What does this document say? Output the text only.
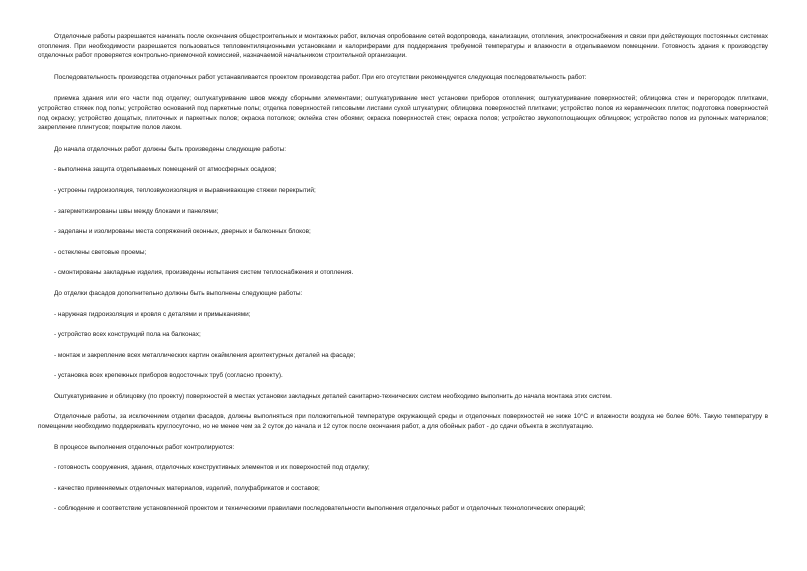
Отделочные работы разрешается начинать после окончания общестроительных и монтажных работ, включая опробование сетей водопровода, канализации, отопления, электроснабжения и связи при действующих постоянных системах отопления. При необходимости разрешается пользоваться тепловентиляционными установками и калориферами для поддержания требуемой температуры и влажности в отделываемом помещении. Готовность здания к производству отделочных работ проверяется контрольно-приемочной комиссией, назначаемой начальником строительной организации.

Последовательность производства отделочных работ устанавливается проектом производства работ. При его отсутствии рекомендуется следующая последовательность работ:

приемка здания или его части под отделку; оштукатуривание швов между сборными элементами; оштукатуривание мест установки приборов отопления; оштукатуривание поверхностей; облицовка стен и перегородок плитками, устройство стяжек под полы; устройство оснований под паркетные полы; отделка поверхностей гипсовыми листами сухой штукатурки; облицовка поверхностей плитками; устройство полов из керамических плиток; подготовка поверхностей под окраску; устройство дощатых, плиточных и паркетных полов; окраска потолков; оклейка стен обоями; окраска поверхностей стен; окраска полов; устройство звукопоглощающих облицовок; устройство полов из рулонных материалов; закрепление плинтусов; покрытие полов лаком.

До начала отделочных работ должны быть произведены следующие работы:

- выполнена защита отделываемых помещений от атмосферных осадков;

- устроены гидроизоляция, теплозвукоизоляция и выравнивающие стяжки перекрытий;

- загерметизированы швы между блоками и панелями;

- заделаны и изолированы места сопряжений оконных, дверных и балконных блоков;

- остеклены световые проемы;

- смонтированы закладные изделия, произведены испытания систем теплоснабжения и отопления.

До отделки фасадов дополнительно должны быть выполнены следующие работы:

- наружная гидроизоляция и кровля с деталями и примыканиями;

- устройство всех конструкций пола на балконах;

- монтаж и закрепление всех металлических картин окаймления архитектурных деталей на фасаде;

- установка всех крепежных приборов водосточных труб (согласно проекту).

Оштукатуривание и облицовку (по проекту) поверхностей в местах установки закладных деталей санитарно-технических систем необходимо выполнить до начала монтажа этих систем.

Отделочные работы, за исключением отделки фасадов, должны выполняться при положительной температуре окружающей среды и отделочных поверхностей не ниже 10°С и влажности воздуха не более 60%. Такую температуру в помещении необходимо поддерживать круглосуточно, но не менее чем за 2 суток до начала и 12 суток после окончания работ, а для обойных работ - до сдачи объекта в эксплуатацию.

В процессе выполнения отделочных работ контролируются:

- готовность сооружения, здания, отделочных конструктивных элементов и их поверхностей под отделку;

- качество применяемых отделочных материалов, изделий, полуфабрикатов и составов;

- соблюдение и соответствие установленной проектом и техническими правилами последовательности выполнения отделочных работ и отделочных технологических операций;
